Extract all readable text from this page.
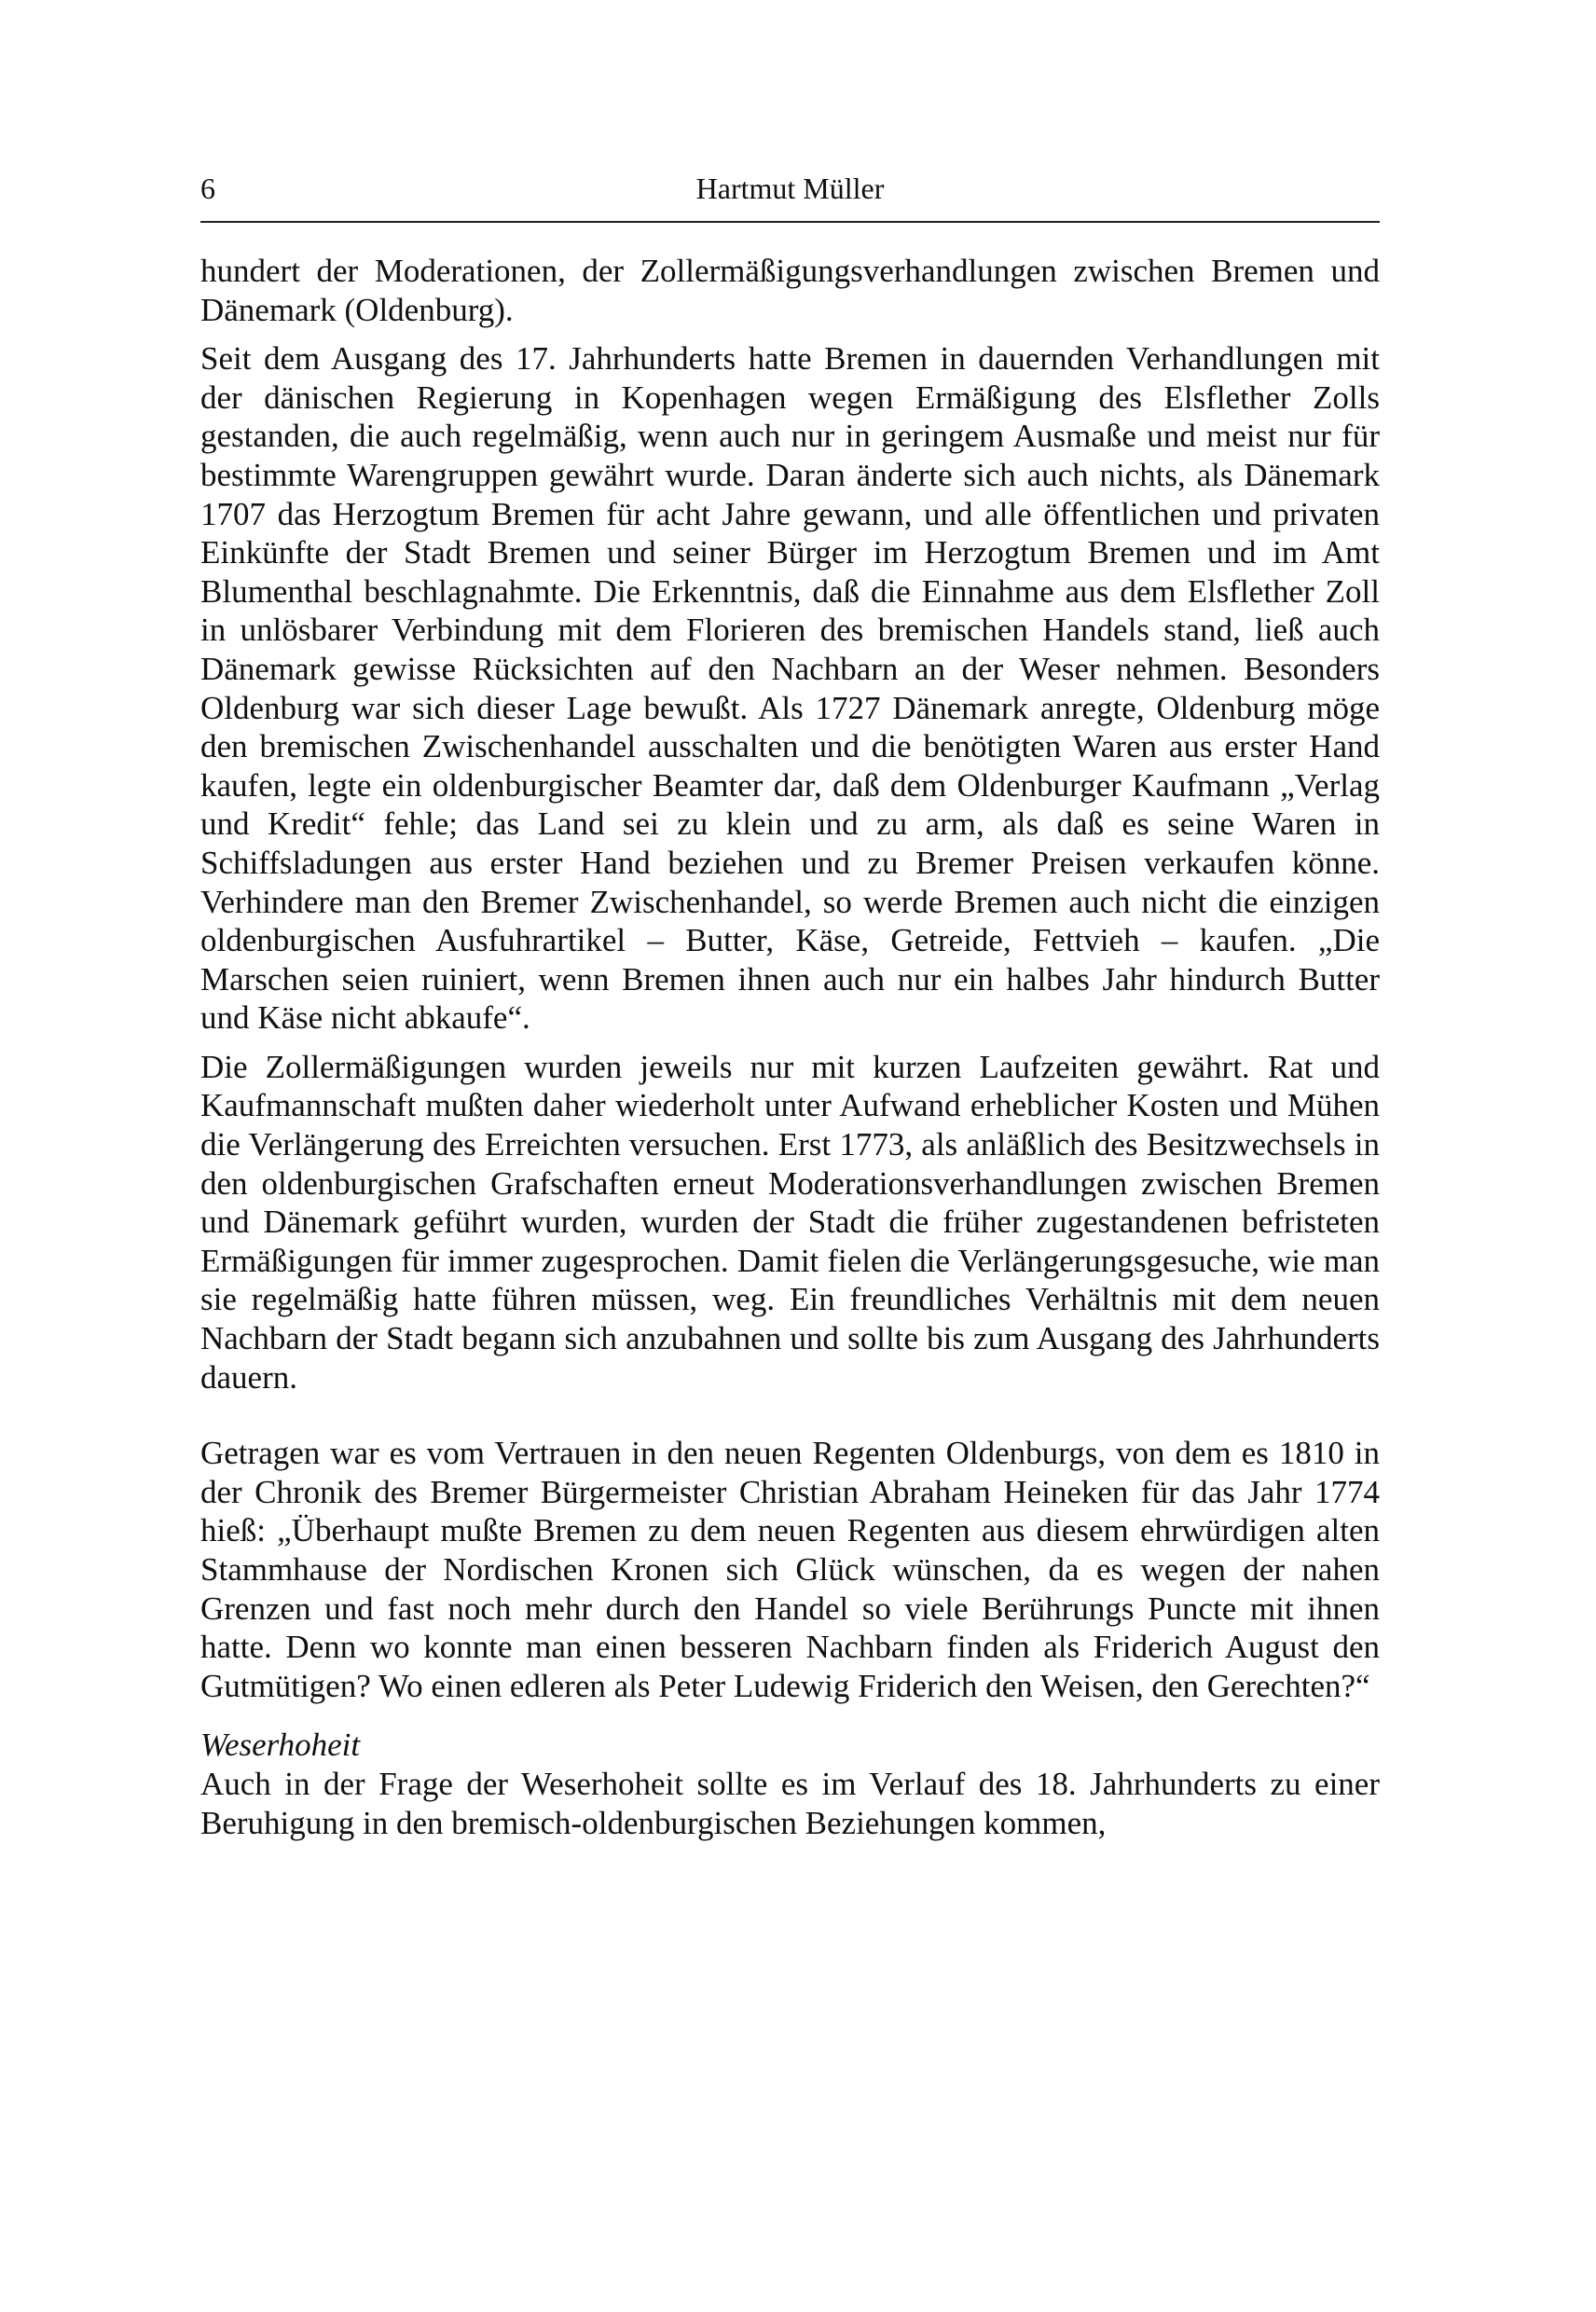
6	Hartmut Müller

hundert der Moderationen, der Zollermäßigungsverhandlungen zwischen Bremen und Dänemark (Oldenburg).

Seit dem Ausgang des 17. Jahrhunderts hatte Bremen in dauernden Verhandlungen mit der dänischen Regierung in Kopenhagen wegen Ermäßigung des Elsflether Zolls gestanden, die auch regelmäßig, wenn auch nur in geringem Ausmaße und meist nur für bestimmte Warengruppen gewährt wurde. Daran änderte sich auch nichts, als Dänemark 1707 das Herzogtum Bremen für acht Jahre gewann, und alle öffentlichen und privaten Einkünfte der Stadt Bremen und seiner Bürger im Herzogtum Bremen und im Amt Blumenthal beschlagnahmte. Die Erkenntnis, daß die Einnahme aus dem Elsflether Zoll in unlösbarer Verbindung mit dem Florieren des bremischen Handels stand, ließ auch Dänemark gewisse Rücksichten auf den Nachbarn an der Weser nehmen. Besonders Oldenburg war sich dieser Lage bewußt. Als 1727 Dänemark anregte, Oldenburg möge den bremischen Zwischenhandel ausschalten und die benötigten Waren aus erster Hand kaufen, legte ein oldenburgischer Beamter dar, daß dem Oldenburger Kaufmann „Verlag und Kredit“ fehle; das Land sei zu klein und zu arm, als daß es seine Waren in Schiffsladungen aus erster Hand beziehen und zu Bremer Preisen verkaufen könne. Verhindere man den Bremer Zwischenhandel, so werde Bremen auch nicht die einzigen oldenburgischen Ausfuhrartikel – Butter, Käse, Getreide, Fettvieh – kaufen. „Die Marschen seien ruiniert, wenn Bremen ihnen auch nur ein halbes Jahr hindurch Butter und Käse nicht abkaufe“.

Die Zollermäßigungen wurden jeweils nur mit kurzen Laufzeiten gewährt. Rat und Kaufmannschaft mußten daher wiederholt unter Aufwand erheblicher Kosten und Mühen die Verlängerung des Erreichten versuchen. Erst 1773, als anläßlich des Besitzwechsels in den oldenburgischen Grafschaften erneut Moderationsverhandlungen zwischen Bremen und Dänemark geführt wurden, wurden der Stadt die früher zugestandenen befristeten Ermäßigungen für immer zugesprochen. Damit fielen die Verlängerungsgesuche, wie man sie regelmäßig hatte führen müssen, weg. Ein freundliches Verhältnis mit dem neuen Nachbarn der Stadt begann sich anzubahnen und sollte bis zum Ausgang des Jahrhunderts dauern.

Getragen war es vom Vertrauen in den neuen Regenten Oldenburgs, von dem es 1810 in der Chronik des Bremer Bürgermeister Christian Abraham Heineken für das Jahr 1774 hieß: „Überhaupt mußte Bremen zu dem neuen Regenten aus diesem ehrwürdigen alten Stammhause der Nordischen Kronen sich Glück wünschen, da es wegen der nahen Grenzen und fast noch mehr durch den Handel so viele Berührungs Puncte mit ihnen hatte. Denn wo konnte man einen besseren Nachbarn finden als Friderich August den Gutmütigen? Wo einen edleren als Peter Ludewig Friderich den Weisen, den Gerechten?“

Weserhoheit

Auch in der Frage der Weserhoheit sollte es im Verlauf des 18. Jahrhunderts zu einer Beruhigung in den bremisch-oldenburgischen Beziehungen kommen,
